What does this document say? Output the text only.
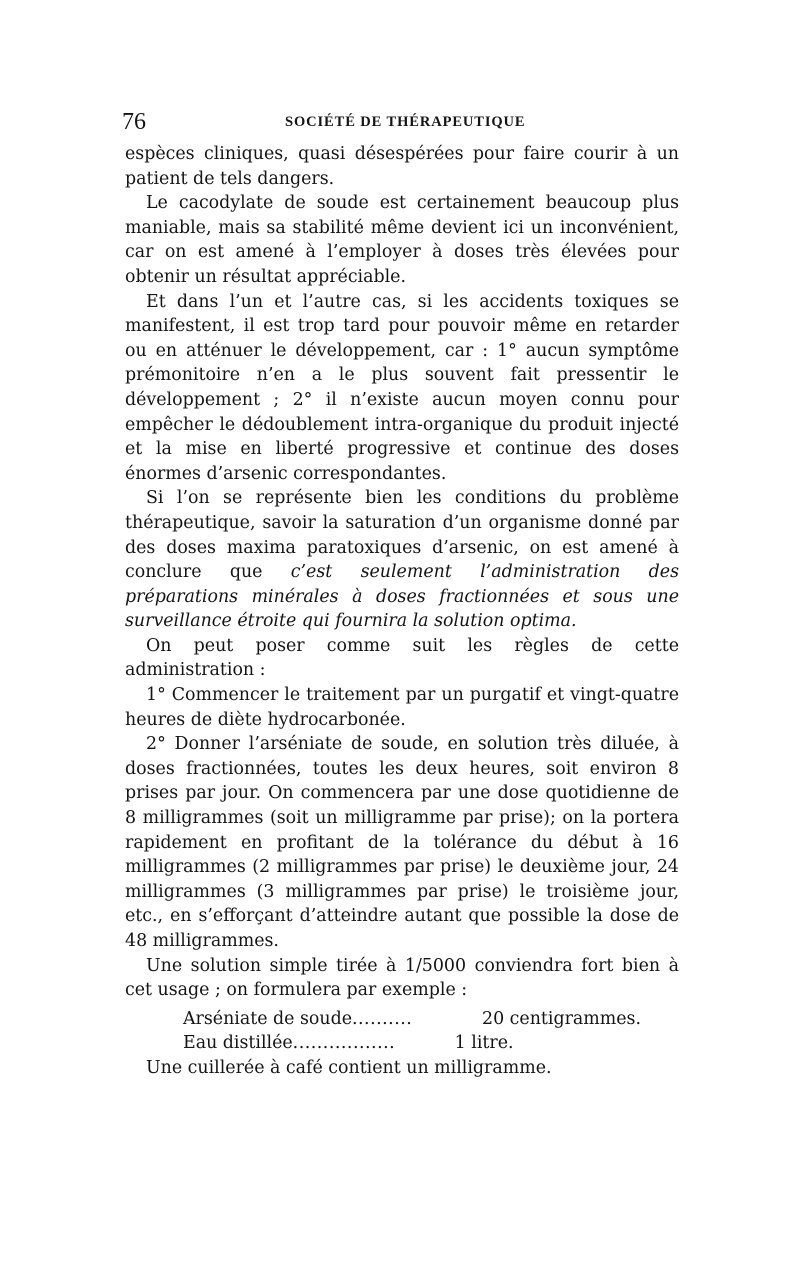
76	SOCIÉTÉ DE THÉRAPEUTIQUE

espèces cliniques, quasi désespérées pour faire courir à un patient de tels dangers.

Le cacodylate de soude est certainement beaucoup plus maniable, mais sa stabilité même devient ici un inconvénient, car on est amené à l’employer à doses très élevées pour obtenir un résultat appréciable.

Et dans l’un et l’autre cas, si les accidents toxiques se manifestent, il est trop tard pour pouvoir même en retarder ou en atténuer le développement, car : 1° aucun symptôme prémonitoire n’en a le plus souvent fait pressentir le développement ; 2° il n’existe aucun moyen connu pour empêcher le dédoublement intra-organique du produit injecté et la mise en liberté progressive et continue des doses énormes d’arsenic correspondantes.

Si l’on se représente bien les conditions du problème thérapeutique, savoir la saturation d’un organisme donné par des doses maxima paratoxiques d’arsenic, on est amené à conclure que c’est seulement l’administration des préparations minérales à doses fractionnées et sous une surveillance étroite qui fournira la solution optima.

On peut poser comme suit les règles de cette administration :

1° Commencer le traitement par un purgatif et vingt-quatre heures de diète hydrocarbonée.

2° Donner l’arséniate de soude, en solution très diluée, à doses fractionnées, toutes les deux heures, soit environ 8 prises par jour. On commencera par une dose quotidienne de 8 milligrammes (soit un milligramme par prise); on la portera rapidement en profitant de la tolérance du début à 16 milligrammes (2 milligrammes par prise) le deuxième jour, 24 milligrammes (3 milligrammes par prise) le troisième jour, etc., en s’efforçant d’atteindre autant que possible la dose de 48 milligrammes.

Une solution simple tirée à 1/5000 conviendra fort bien à cet usage ; on formulera par exemple :

Arséniate de soude ..........	20 centigrammes.
Eau distillée .................	1 litre.

Une cuillerée à café contient un milligramme.
